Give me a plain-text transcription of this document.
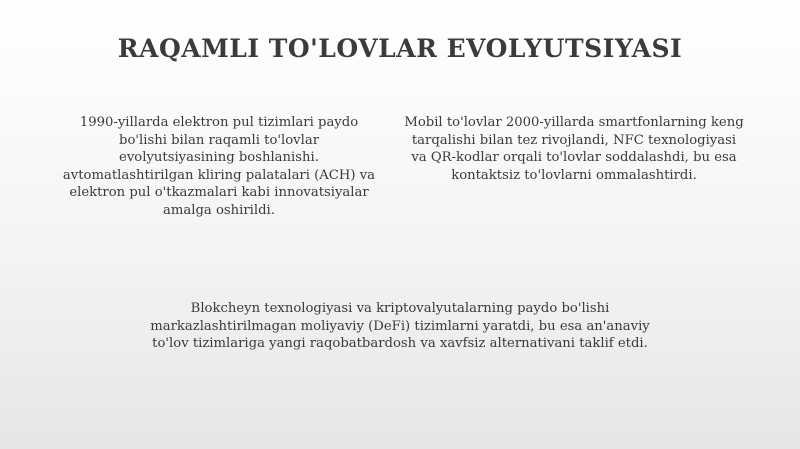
RAQAMLI TO'LOVLAR EVOLYUTSIYASI

1990-yillarda elektron pul tizimlari paydo bo'lishi bilan raqamli to'lovlar evolyutsiyasining boshlanishi. avtomatlashtirilgan kliring palatalari (ACH) va elektron pul o'tkazmalari kabi innovatsiyalar amalga oshirildi.

Mobil to'lovlar 2000-yillarda smartfonlarning keng tarqalishi bilan tez rivojlandi, NFC texnologiyasi va QR-kodlar orqali to'lovlar soddalashdi, bu esa kontaktsiz to'lovlarni ommalashtirdi.

Blokcheyn texnologiyasi va kriptovalyutalarning paydo bo'lishi markazlashtirilmagan moliyaviy (DeFi) tizimlarni yaratdi, bu esa an'anaviy to'lov tizimlariga yangi raqobatbardosh va xavfsiz alternativani taklif etdi.
